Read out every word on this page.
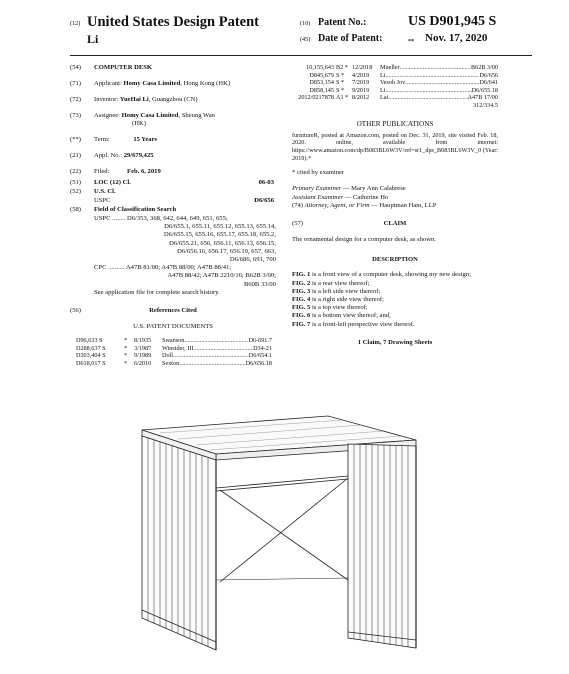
(12) United States Design Patent
Li
(10) Patent No.:	US D901,945 S
(45) Date of Patent:	** Nov. 17, 2020
(54) COMPUTER DESK
(71) Applicant: Homy Casa Limited, Hong Kong (HK)
(72) Inventor: YueHai Li, Guangzhou (CN)
(73) Assignee: Homy Casa Limited, Sheung Wan
(HK)
(**) Term:	15 Years
(21) Appl. No.: 29/679,425
(22) Filed:	Feb. 6, 2019
(51) LOC (12) Cl.	06-03
(52) U.S. Cl.
USPC	D6/656
(58) Field of Classification Search
USPC ........ D6/353, 368, 642, 644, 649, 651, 655;
D6/655.1, 655.11, 655.12, 655.13, 655.14,
D6/655.15, 655.16, 655.17, 655.18, 655.2,
D6/655.21, 656, 656.11, 656.13, 656.15,
D6/656.16, 656.17, 656.19, 657, 663,
D6/686, 691, 700
CPC .......... A47B 81/00; A47B 88/00; A47B 88/41;
A47B 88/42; A47B 2210/16; B62B 3/00;
B60B 33/00
See application file for complete search history.
(56)	References Cited
U.S. PATENT DOCUMENTS
D96,633 S	*	8/1935	Swanson .....	D6-691.7
D288,637 S	*	3/1987	Winsider, III .....	D34-21
D303,404 S	*	9/1989	Doll .....	D6/654.1
D618,017 S	*	6/2010	Sexton .....	D6/656.18
10,155,643 B2 * 12/2018	Mueller .....	B62B 3/00
D845,679 S *	4/2019	Li .....	D6/656
D853,154 S *	7/2019	Vesoh Jov .....	D6/641
D858,145 S *	9/2019	Li .....	D6/655.18
2012/0217878 A1 * 8/2012	Lai .....	A47B 17/00
312/334.5
OTHER PUBLICATIONS
furnitureR, posted at Amazon.com, posted on Dec. 31, 2019, site visited Feb. 18, 2020. online, available from internet: https://www.amazon.com/dp/B083BL6W3V/ref=sr1_dps_B083BL6W3V_0 (Year: 2019).*
* cited by examiner
Primary Examiner — Mary Ann Calabrese
Assistant Examiner — Catherine Ho
(74) Attorney, Agent, or Firm — Hauptman Ham, LLP
(57)	CLAIM
The ornamental design for a computer desk, as shown.
DESCRIPTION
FIG. 1 is a front view of a computer desk, showing my new design;
FIG. 2 is a rear view thereof;
FIG. 3 is a left side view thereof;
FIG. 4 is a right side view thereof;
FIG. 5 is a top view thereof;
FIG. 6 is a bottom view thereof; and,
FIG. 7 is a front-left perspective view thereof.
1 Claim, 7 Drawing Sheets
